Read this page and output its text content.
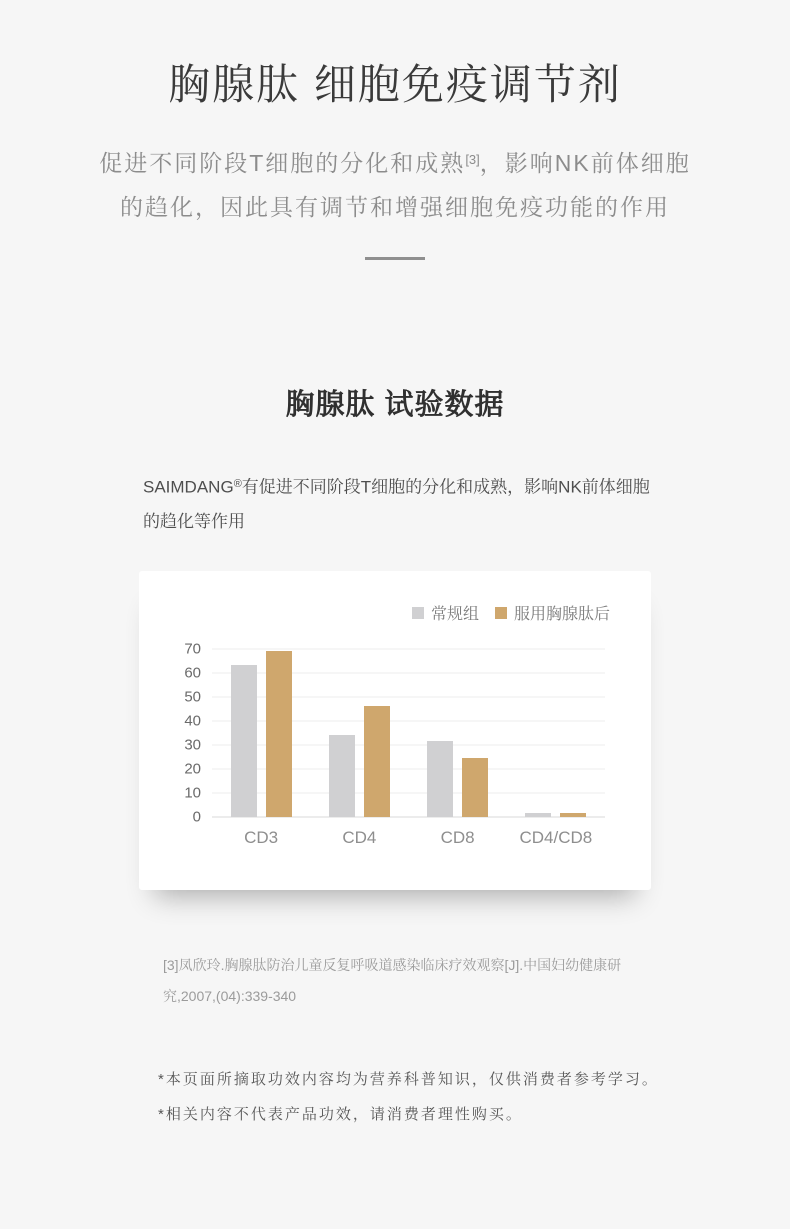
胸腺肽 细胞免疫调节剂
促进不同阶段T细胞的分化和成熟[3]，影响NK前体细胞
的趋化，因此具有调节和增强细胞免疫功能的作用
胸腺肽 试验数据

SAIMDANG®有促进不同阶段T细胞的分化和成熟，影响NK前体细胞的趋化等作用

常规组 服用胸腺肽后
0
10
20
30
40
50
60
70
CD3	CD4	CD8	CD4/CD8

[3]凤欣玲.胸腺肽防治儿童反复呼吸道感染临床疗效观察[J].中国妇幼健康研究,2007,(04):339-340

*本页面所摘取功效内容均为营养科普知识，仅供消费者参考学习。
*相关内容不代表产品功效，请消费者理性购买。
